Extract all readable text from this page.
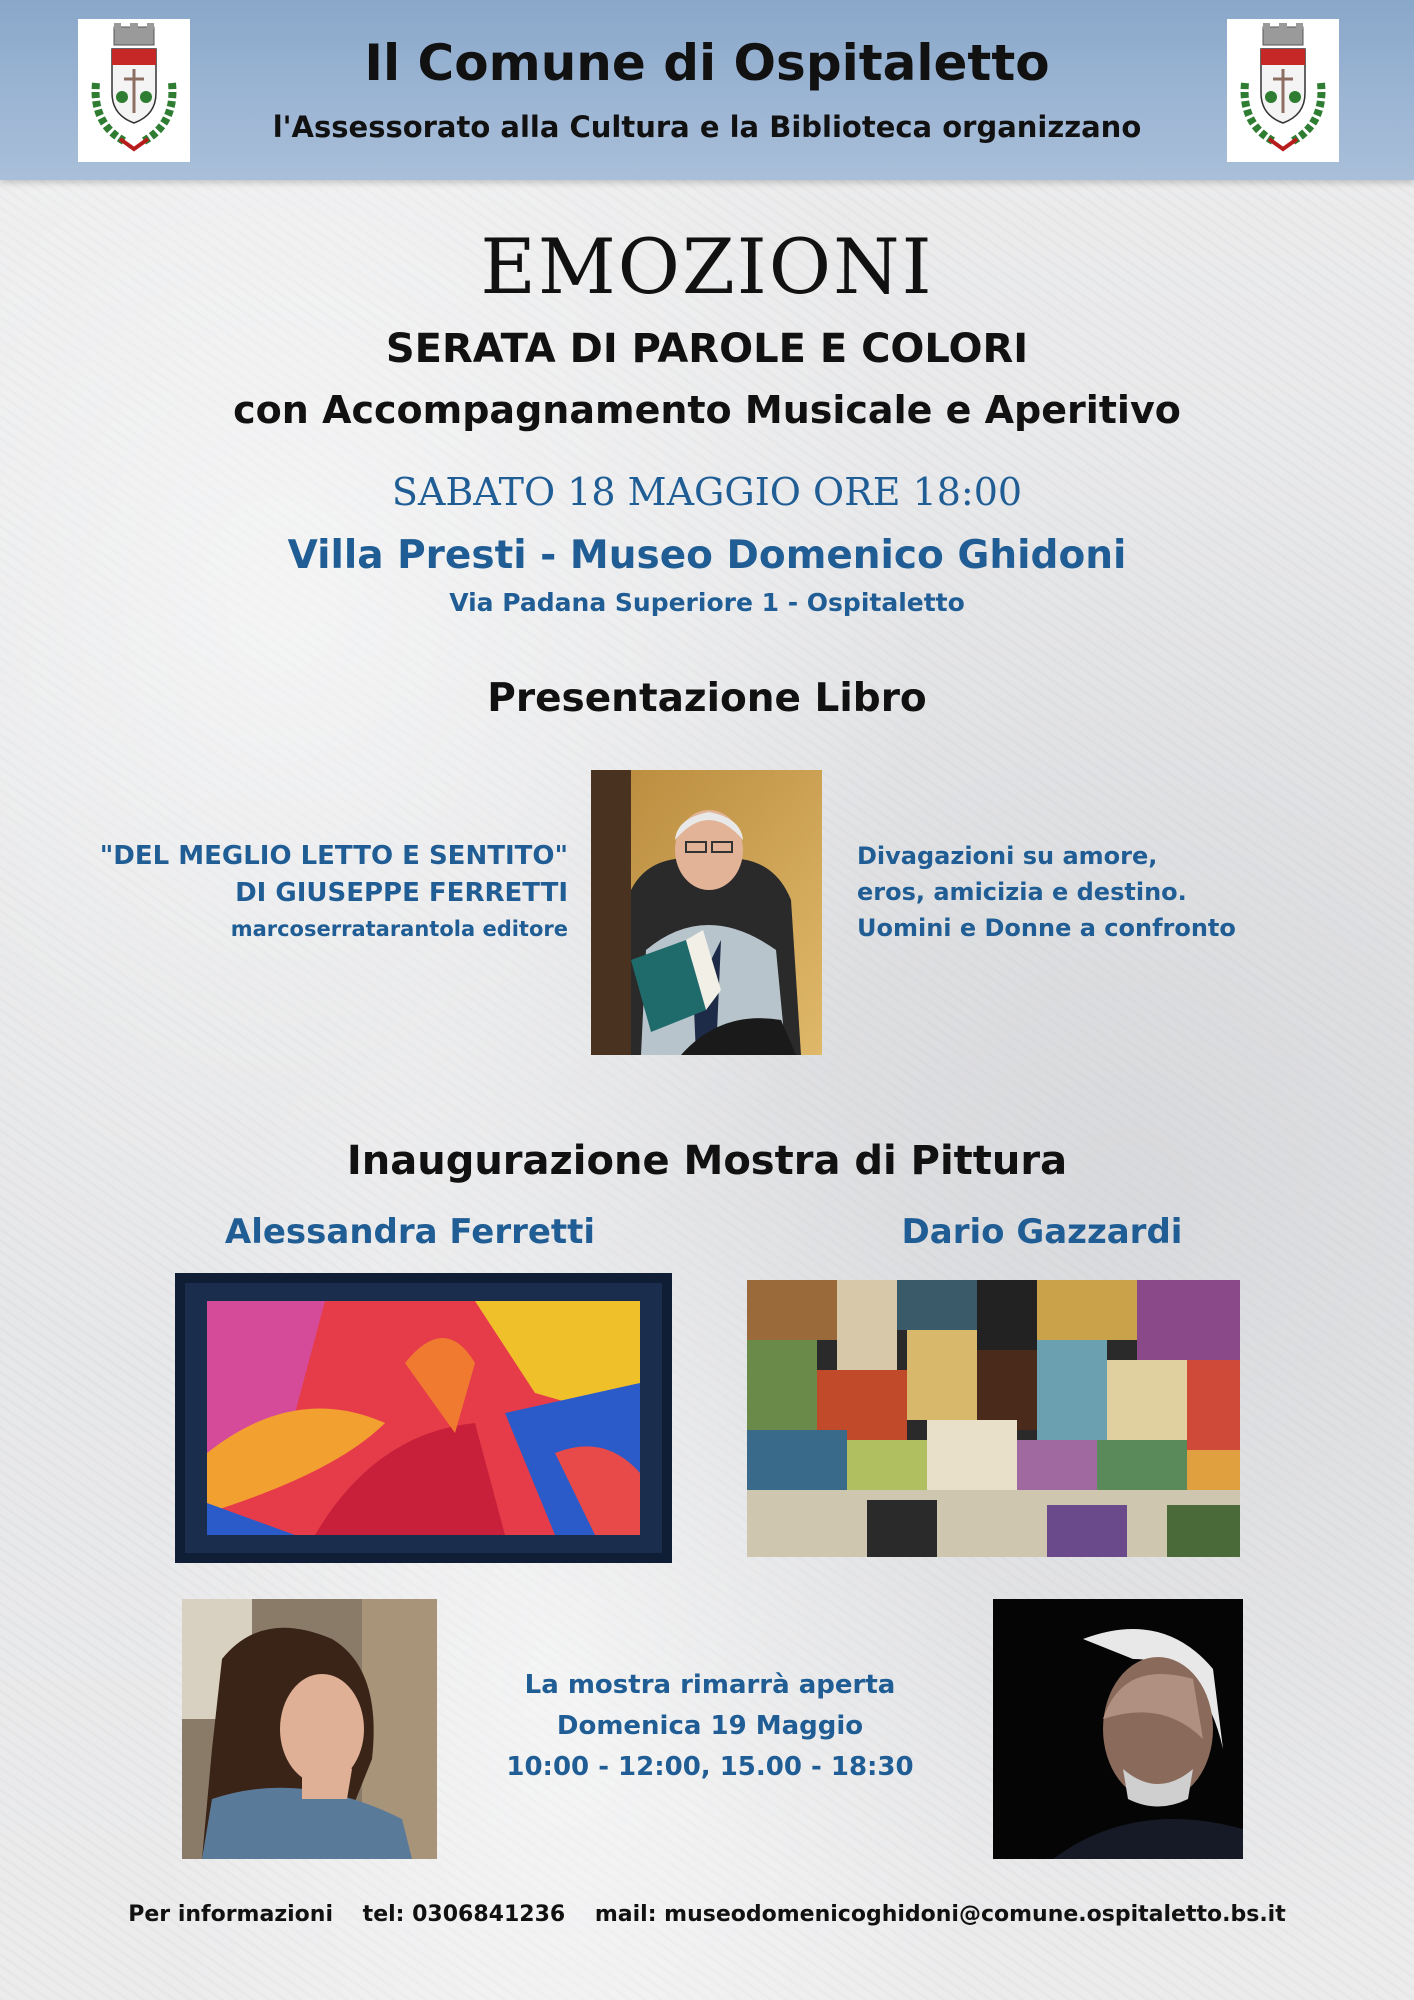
Il Comune di Ospitaletto
l'Assessorato alla Cultura e la Biblioteca organizzano
EMOZIONI
SERATA DI PAROLE E COLORI
con Accompagnamento Musicale e Aperitivo
SABATO 18 MAGGIO ORE 18:00
Villa Presti - Museo Domenico Ghidoni
Via Padana Superiore 1 - Ospitaletto
Presentazione Libro
"DEL MEGLIO LETTO E SENTITO"
DI GIUSEPPE FERRETTI
marcoserratarantola editore
Divagazioni su amore,
eros, amicizia e destino.
Uomini e Donne a confronto
Inaugurazione Mostra di Pittura
Alessandra Ferretti	Dario Gazzardi
La mostra rimarrà aperta
Domenica 19 Maggio
10:00 - 12:00, 15.00 - 18:30
Per informazioni tel: 0306841236 mail: museodomenicoghidoni@comune.ospitaletto.bs.it
